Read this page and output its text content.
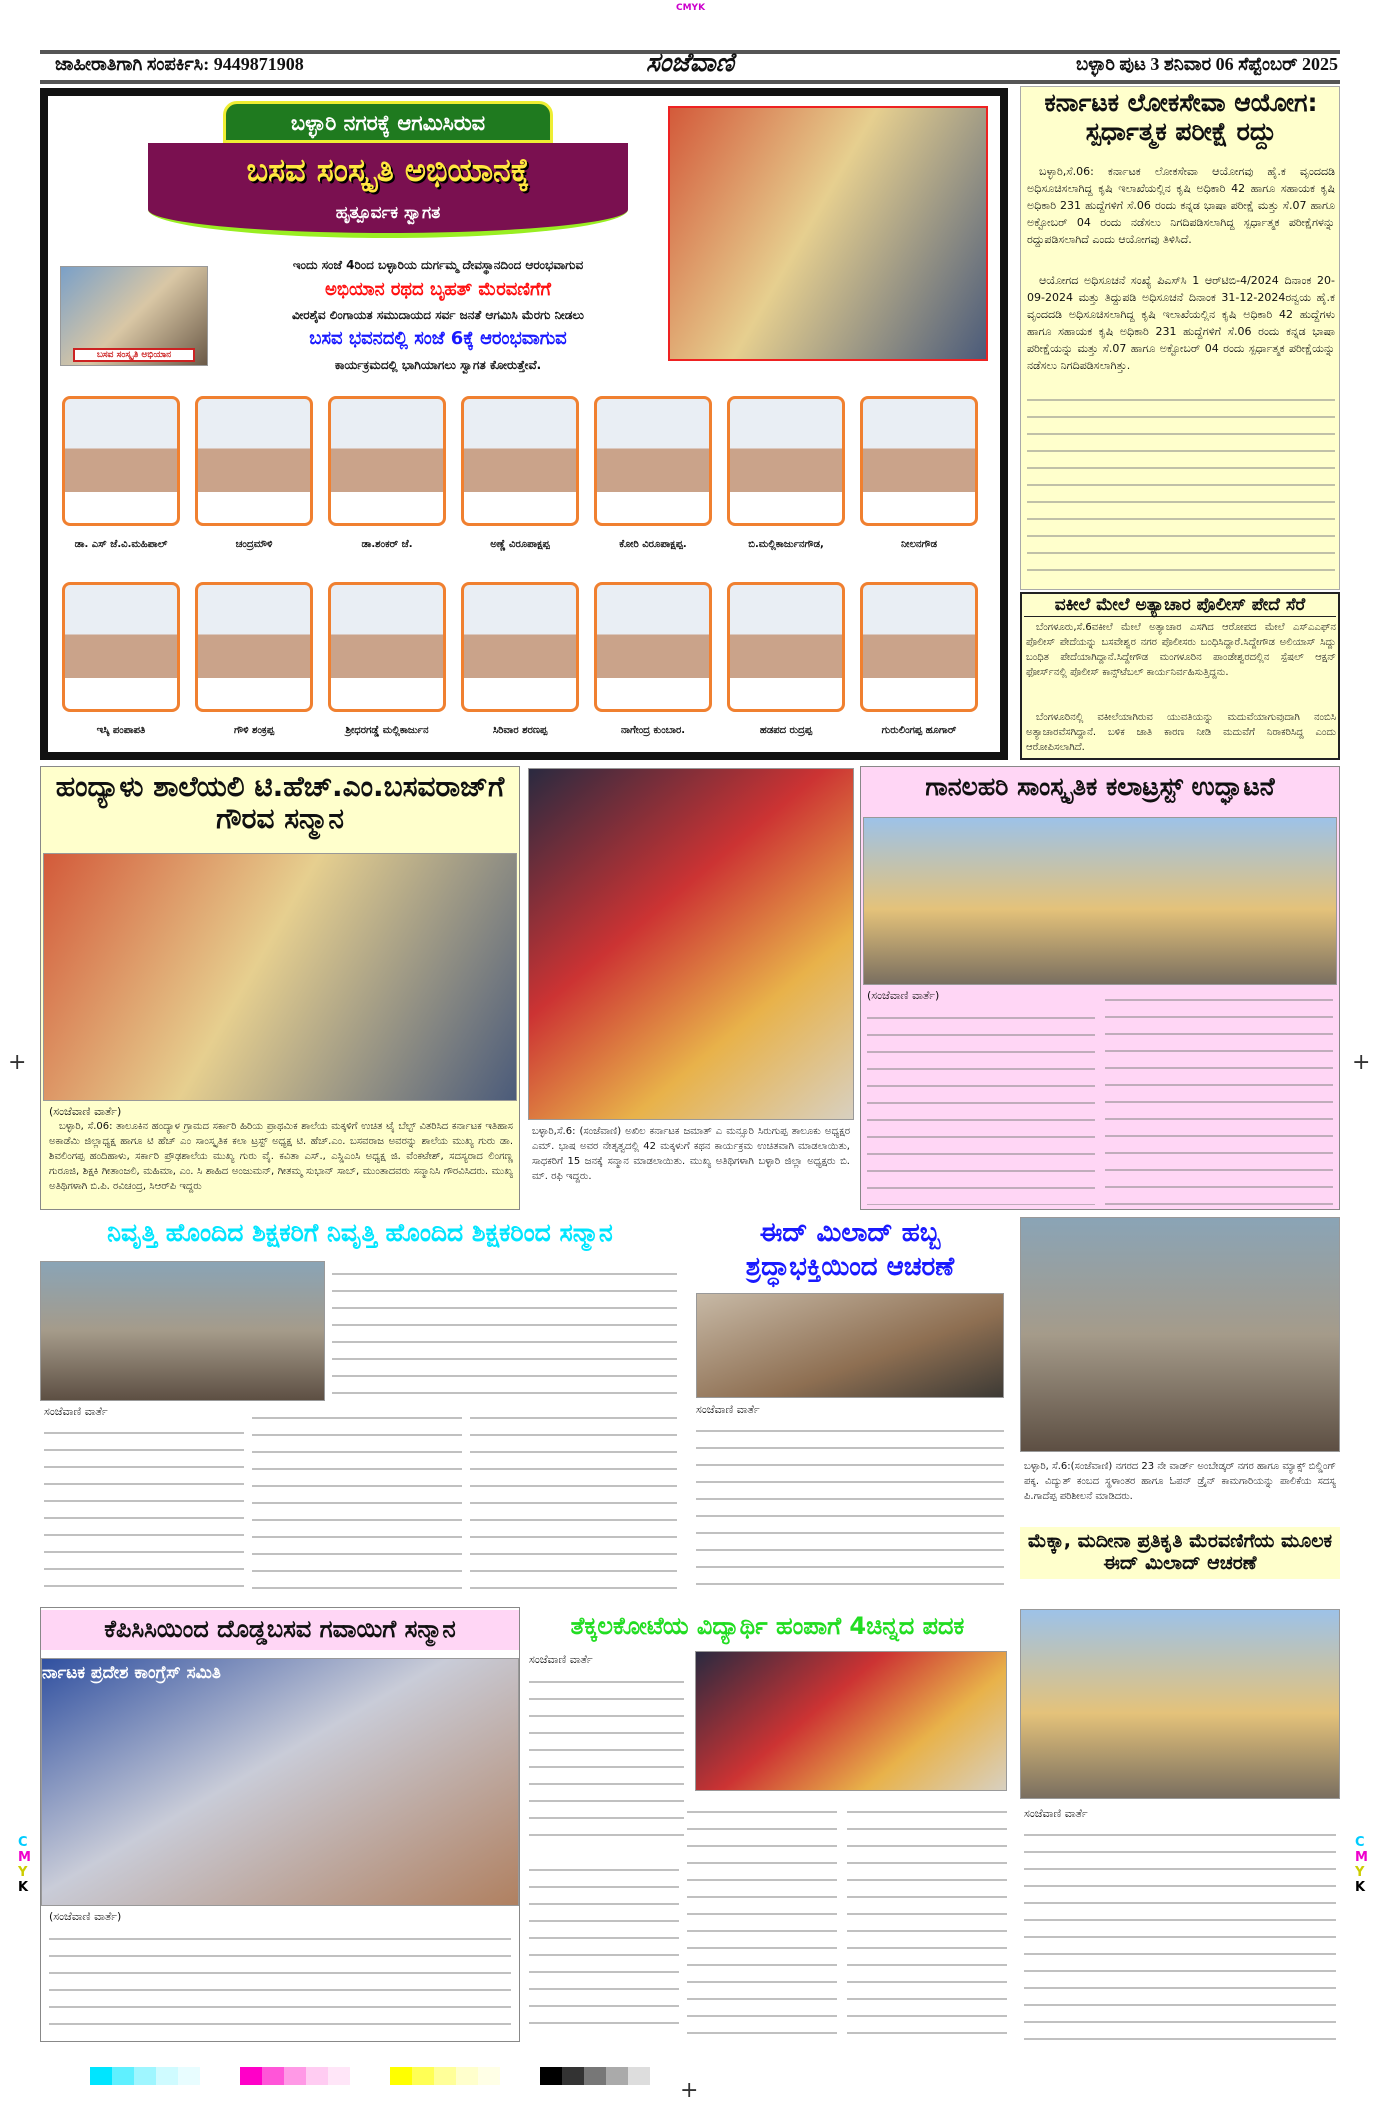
CMYK
+	+
C
M
Y
K
C
M
Y
K
ಜಾಹೀರಾತಿಗಾಗಿ ಸಂಪರ್ಕಿಸಿ: 9449871908	ಸಂಜೆವಾಣಿ	ಬಳ್ಳಾರಿ ಪುಟ 3 ಶನಿವಾರ 06 ಸೆಪ್ಟೆಂಬರ್ 2025
ಬಳ್ಳಾರಿ ನಗರಕ್ಕೆ ಆಗಮಿಸಿರುವ
ಬಸವ ಸಂಸ್ಕೃತಿ ಅಭಿಯಾನಕ್ಕೆ
ಹೃತ್ಪೂರ್ವಕ ಸ್ವಾಗತ
ಬಸವ ಸಂಸ್ಕೃತಿ ಅಭಿಯಾನ
ಇಂದು ಸಂಜೆ 4ರಿಂದ ಬಳ್ಳಾರಿಯ ದುರ್ಗಮ್ಮ ದೇವಸ್ಥಾನದಿಂದ ಆರಂಭವಾಗುವ
ಅಭಿಯಾನ ರಥದ ಬೃಹತ್ ಮೆರವಣಿಗೆಗೆ
ವೀರಶೈವ ಲಿಂಗಾಯತ ಸಮುದಾಯದ ಸರ್ವ ಜನತೆ ಆಗಮಿಸಿ ಮೆರಗು ನೀಡಲು
ಬಸವ ಭವನದಲ್ಲಿ ಸಂಜೆ 6ಕ್ಕೆ ಆರಂಭವಾಗುವ
ಕಾರ್ಯಕ್ರಮದಲ್ಲಿ ಭಾಗಿಯಾಗಲು ಸ್ವಾಗತ ಕೋರುತ್ತೇವೆ.
ಡಾ. ಎಸ್ ಜೆ.ವಿ.ಮಹಿಪಾಲ್	ಚಂದ್ರಮೌಳಿ	ಡಾ.ಶಂಕರ್ ಜೆ.	ಅಣ್ಣೆ ವಿರೂಪಾಕ್ಷಪ್ಪ	ಕೋರಿ ವಿರೂಪಾಕ್ಷಪ್ಪ.	ಬಿ.ಮಲ್ಲಿಕಾರ್ಜುನಗೌಡ,	ನೀಲನಗೌಡ
ಇಸ್ಕಿ ಪಂಪಾಪತಿ	ಗೌಳಿ ಶಂಕ್ರಪ್ಪ	ಶ್ರೀಧರಗಡ್ಡೆ ಮಲ್ಲಿಕಾರ್ಜುನ	ಸಿರಿವಾರ ಶರಣಪ್ಪ	ನಾಗೇಂದ್ರ ಕುಂಬಾರ.	ಹಡಪದ ರುದ್ರಪ್ಪ	ಗುರುಲಿಂಗಪ್ಪ ಹೂಗಾರ್
ಕರ್ನಾಟಕ ಲೋಕಸೇವಾ ಆಯೋಗ: ಸ್ಪರ್ಧಾತ್ಮಕ ಪರೀಕ್ಷೆ ರದ್ದು

ಬಳ್ಳಾರಿ,ಸೆ.06: ಕರ್ನಾಟಕ ಲೋಕಸೇವಾ ಆಯೋಗವು ಹೈ.ಕ ವೃಂದದಡಿ ಅಧಿಸೂಚಿಸಲಾಗಿದ್ದ ಕೃಷಿ ಇಲಾಖೆಯಲ್ಲಿನ ಕೃಷಿ ಅಧಿಕಾರಿ 42 ಹಾಗೂ ಸಹಾಯಕ ಕೃಷಿ ಅಧಿಕಾರಿ 231 ಹುದ್ದೆಗಳಿಗೆ ಸೆ.06 ರಂದು ಕನ್ನಡ ಭಾಷಾ ಪರೀಕ್ಷೆ ಮತ್ತು ಸೆ.07 ಹಾಗೂ ಅಕ್ಟೋಬರ್ 04 ರಂದು ನಡೆಸಲು ನಿಗದಿಪಡಿಸಲಾಗಿದ್ದ ಸ್ಪರ್ಧಾತ್ಮಕ ಪರೀಕ್ಷೆಗಳನ್ನು ರದ್ದುಪಡಿಸಲಾಗಿದೆ ಎಂದು ಆಯೋಗವು ತಿಳಿಸಿದೆ.

ಆಯೋಗದ ಅಧಿಸೂಚನೆ ಸಂಖ್ಯೆ ಪಿಎಸ್‌ಸಿ 1 ಆರ್‌ಟಿಬಿ-4/2024 ದಿನಾಂಕ 20-09-2024 ಮತ್ತು ತಿದ್ದುಪಡಿ ಅಧಿಸೂಚನೆ ದಿನಾಂಕ 31-12-2024ರನ್ವಯ ಹೈ.ಕ ವೃಂದದಡಿ ಅಧಿಸೂಚಿಸಲಾಗಿದ್ದ ಕೃಷಿ ಇಲಾಖೆಯಲ್ಲಿನ ಕೃಷಿ ಅಧಿಕಾರಿ 42 ಹುದ್ದೆಗಳು ಹಾಗೂ ಸಹಾಯಕ ಕೃಷಿ ಅಧಿಕಾರಿ 231 ಹುದ್ದೆಗಳಿಗೆ ಸೆ.06 ರಂದು ಕನ್ನಡ ಭಾಷಾ ಪರೀಕ್ಷೆಯನ್ನು ಮತ್ತು ಸೆ.07 ಹಾಗೂ ಅಕ್ಟೋಬರ್ 04 ರಂದು ಸ್ಪರ್ಧಾತ್ಮಕ ಪರೀಕ್ಷೆಯನ್ನು ನಡೆಸಲು ನಿಗದಿಪಡಿಸಲಾಗಿತ್ತು.

ವಕೀಲೆ ಮೇಲೆ ಅತ್ಯಾಚಾರ ಪೊಲೀಸ್ ಪೇದೆ ಸೆರೆ

ಬೆಂಗಳೂರು,ಸೆ.6ವಕೀಲೆ ಮೇಲೆ ಅತ್ಯಾಚಾರ ಎಸಗಿದ ಆರೋಪದ ಮೇಲೆ ಎಸ್‌ಎಎಫ್‌ನ ಪೊಲೀಸ್ ಪೇದೆಯನ್ನು ಬಸವೇಶ್ವರ ನಗರ ಪೊಲೀಸರು ಬಂಧಿಸಿದ್ದಾರೆ.ಸಿದ್ದೇಗೌಡ ಅಲಿಯಾಸ್ ಸಿದ್ದು ಬಂಧಿತ ಪೇದೆಯಾಗಿದ್ದಾನೆ.ಸಿದ್ದೇಗೌಡ ಮಂಗಳೂರಿನ ಪಾಂಡೇಶ್ವರದಲ್ಲಿನ ಸ್ಪೆಷಲ್ ಆಕ್ಷನ್ ಫೋರ್ಸ್‌ನಲ್ಲಿ ಪೊಲೀಸ್ ಕಾನ್ಸ್‌ಟೆಬಲ್ ಕಾರ್ಯನಿರ್ವಹಿಸುತ್ತಿದ್ದನು.

ಬೆಂಗಳೂರಿನಲ್ಲಿ ವಕೀಲೆಯಾಗಿರುವ ಯುವತಿಯನ್ನು ಮದುವೆಯಾಗುವುದಾಗಿ ನಂಬಿಸಿ ಅತ್ಯಾಚಾರವೆಸಗಿದ್ದಾನೆ. ಬಳಿಕ ಜಾತಿ ಕಾರಣ ನೀಡಿ ಮದುವೆಗೆ ನಿರಾಕರಿಸಿದ್ದ ಎಂದು ಆರೋಪಿಸಲಾಗಿದೆ.

ಹಂದ್ಯಾಳು ಶಾಲೆಯಲಿ ಟಿ.ಹೆಚ್.ಎಂ.ಬಸವರಾಜ್‌ಗೆ ಗೌರವ ಸನ್ಮಾನ
(ಸಂಜೆವಾಣಿ ವಾರ್ತೆ)

ಬಳ್ಳಾರಿ, ಸೆ.06: ತಾಲೂಕಿನ ಹಂದ್ಯಾಳ ಗ್ರಾಮದ ಸರ್ಕಾರಿ ಹಿರಿಯ ಪ್ರಾಥಮಿಕ ಶಾಲೆಯ ಮಕ್ಕಳಿಗೆ ಉಚಿತ ಟೈ ಬೆಲ್ಟ್ ವಿತರಿಸಿದ ಕರ್ನಾಟಕ ಇತಿಹಾಸ ಅಕಾಡೆಮಿ ಜಿಲ್ಲಾಧ್ಯಕ್ಷ ಹಾಗೂ ಟಿ ಹೆಚ್ ಎಂ ಸಾಂಸ್ಕೃತಿಕ ಕಲಾ ಟ್ರಸ್ಟ್ ಅಧ್ಯಕ್ಷ ಟಿ. ಹೆಚ್.ಎಂ. ಬಸವರಾಜ ಅವರನ್ನು ಶಾಲೆಯ ಮುಖ್ಯ ಗುರು ಡಾ. ಶಿವಲಿಂಗಪ್ಪ ಹಂದಿಹಾಳು, ಸರ್ಕಾರಿ ಪ್ರೌಢಶಾಲೆಯ ಮುಖ್ಯ ಗುರು ವೈ. ಕವಿತಾ ಎಸ್., ಎಸ್ಡಿಎಂಸಿ ಅಧ್ಯಕ್ಷ ಜಿ. ವೆಂಕಟೇಶ್, ಸದಸ್ಯರಾದ ಲಿಂಗಣ್ಣ ಗುರೂಜಿ, ಶಿಕ್ಷಕಿ ಗೀತಾಂಜಲಿ, ಮಹಿಮಾ, ಎಂ. ಸಿ ಶಾಹಿದ ಅಂಜುಮನ್, ಗೀತಮ್ಮ ಸುಭಾನ್ ಸಾಬ್, ಮುಂತಾದವರು ಸನ್ಮಾನಿಸಿ ಗೌರವಿಸಿದರು. ಮುಖ್ಯ ಅತಿಥಿಗಳಾಗಿ ಬಿ.ಪಿ. ರವಿಚಂದ್ರ, ಸಿಆರ್‌ಪಿ ಇದ್ದರು

ಬಳ್ಳಾರಿ,ಸೆ.6: (ಸಂಜೆವಾಣಿ) ಅಖಿಲ ಕರ್ನಾಟಕ ಜಮಾತ್ ಎ ಮನ್ಸೂರಿ ಸಿರುಗುಪ್ಪ ತಾಲೂಕು ಅಧ್ಯಕ್ಷರ ಎಮ್. ಭಾಷ ಅವರ ನೇತೃತ್ವದಲ್ಲಿ 42 ಮಕ್ಕಳುಗೆ ಕಥನ ಕಾರ್ಯಕ್ರಮ ಉಚಿತವಾಗಿ ಮಾಡಲಾಯಿತು, ಸಾಧಕರಿಗೆ 15 ಜನಕ್ಕೆ ಸನ್ಮಾನ ಮಾಡಲಾಯಿತು. ಮುಖ್ಯ ಅತಿಥಿಗಳಾಗಿ ಬಳ್ಳಾರಿ ಜಿಲ್ಲಾ ಅಧ್ಯಕ್ಷರು ಬಿ. ಮ್. ರಫಿ ಇದ್ದರು.

ಗಾನಲಹರಿ ಸಾಂಸ್ಕೃತಿಕ ಕಲಾಟ್ರಸ್ಟ್ ಉದ್ಘಾಟನೆ
(ಸಂಜೆವಾಣಿ ವಾರ್ತೆ)
ನಿವೃತ್ತಿ ಹೊಂದಿದ ಶಿಕ್ಷಕರಿಗೆ ನಿವೃತ್ತಿ ಹೊಂದಿದ ಶಿಕ್ಷಕರಿಂದ ಸನ್ಮಾನ
ಸಂಜೆವಾಣಿ ವಾರ್ತೆ
ಈದ್ ಮಿಲಾದ್ ಹಬ್ಬ
ಶ್ರದ್ಧಾಭಕ್ತಿಯಿಂದ ಆಚರಣೆ
ಸಂಜೆವಾಣಿ ವಾರ್ತೆ

ಬಳ್ಳಾರಿ, ಸೆ.6:(ಸಂಜೆವಾಣಿ) ನಗರದ 23 ನೇ ವಾರ್ಡ್ ಅಂಬೇಡ್ಕರ್ ನಗರ ಹಾಗೂ ಮ್ಯಾಕ್ಸ್ ಬಿಲ್ಡಿಂಗ್ ಪಕ್ಕ. ವಿದ್ಯುತ್ ಕಂಬದ ಸ್ಥಳಾಂತರ ಹಾಗೂ ಓಪನ್ ಡ್ರೈನ್ ಕಾಮಗಾರಿಯನ್ನು ಪಾಲಿಕೆಯ ಸದಸ್ಯ ಪಿ.ಗಾದೆಪ್ಪ ಪರಿಶೀಲನೆ ಮಾಡಿದರು.

ಮೆಕ್ಕಾ, ಮದೀನಾ ಪ್ರತಿಕೃತಿ ಮೆರವಣಿಗೆಯ ಮೂಲಕ ಈದ್ ಮಿಲಾದ್ ಆಚರಣೆ
ಕೆಪಿಸಿಸಿಯಿಂದ ದೊಡ್ಡಬಸವ ಗವಾಯಿಗೆ ಸನ್ಮಾನ
ರ್ನಾಟಕ ಪ್ರದೇಶ ಕಾಂಗ್ರೆಸ್ ಸಮಿತಿ
(ಸಂಜೆವಾಣಿ ವಾರ್ತೆ)
ತೆಕ್ಕಲಕೋಟೆಯ ವಿದ್ಯಾರ್ಥಿ ಹಂಪಾಗೆ 4ಚಿನ್ನದ ಪದಕ
ಸಂಜೆವಾಣಿ ವಾರ್ತೆ
ಸಂಜೆವಾಣಿ ವಾರ್ತೆ
+
